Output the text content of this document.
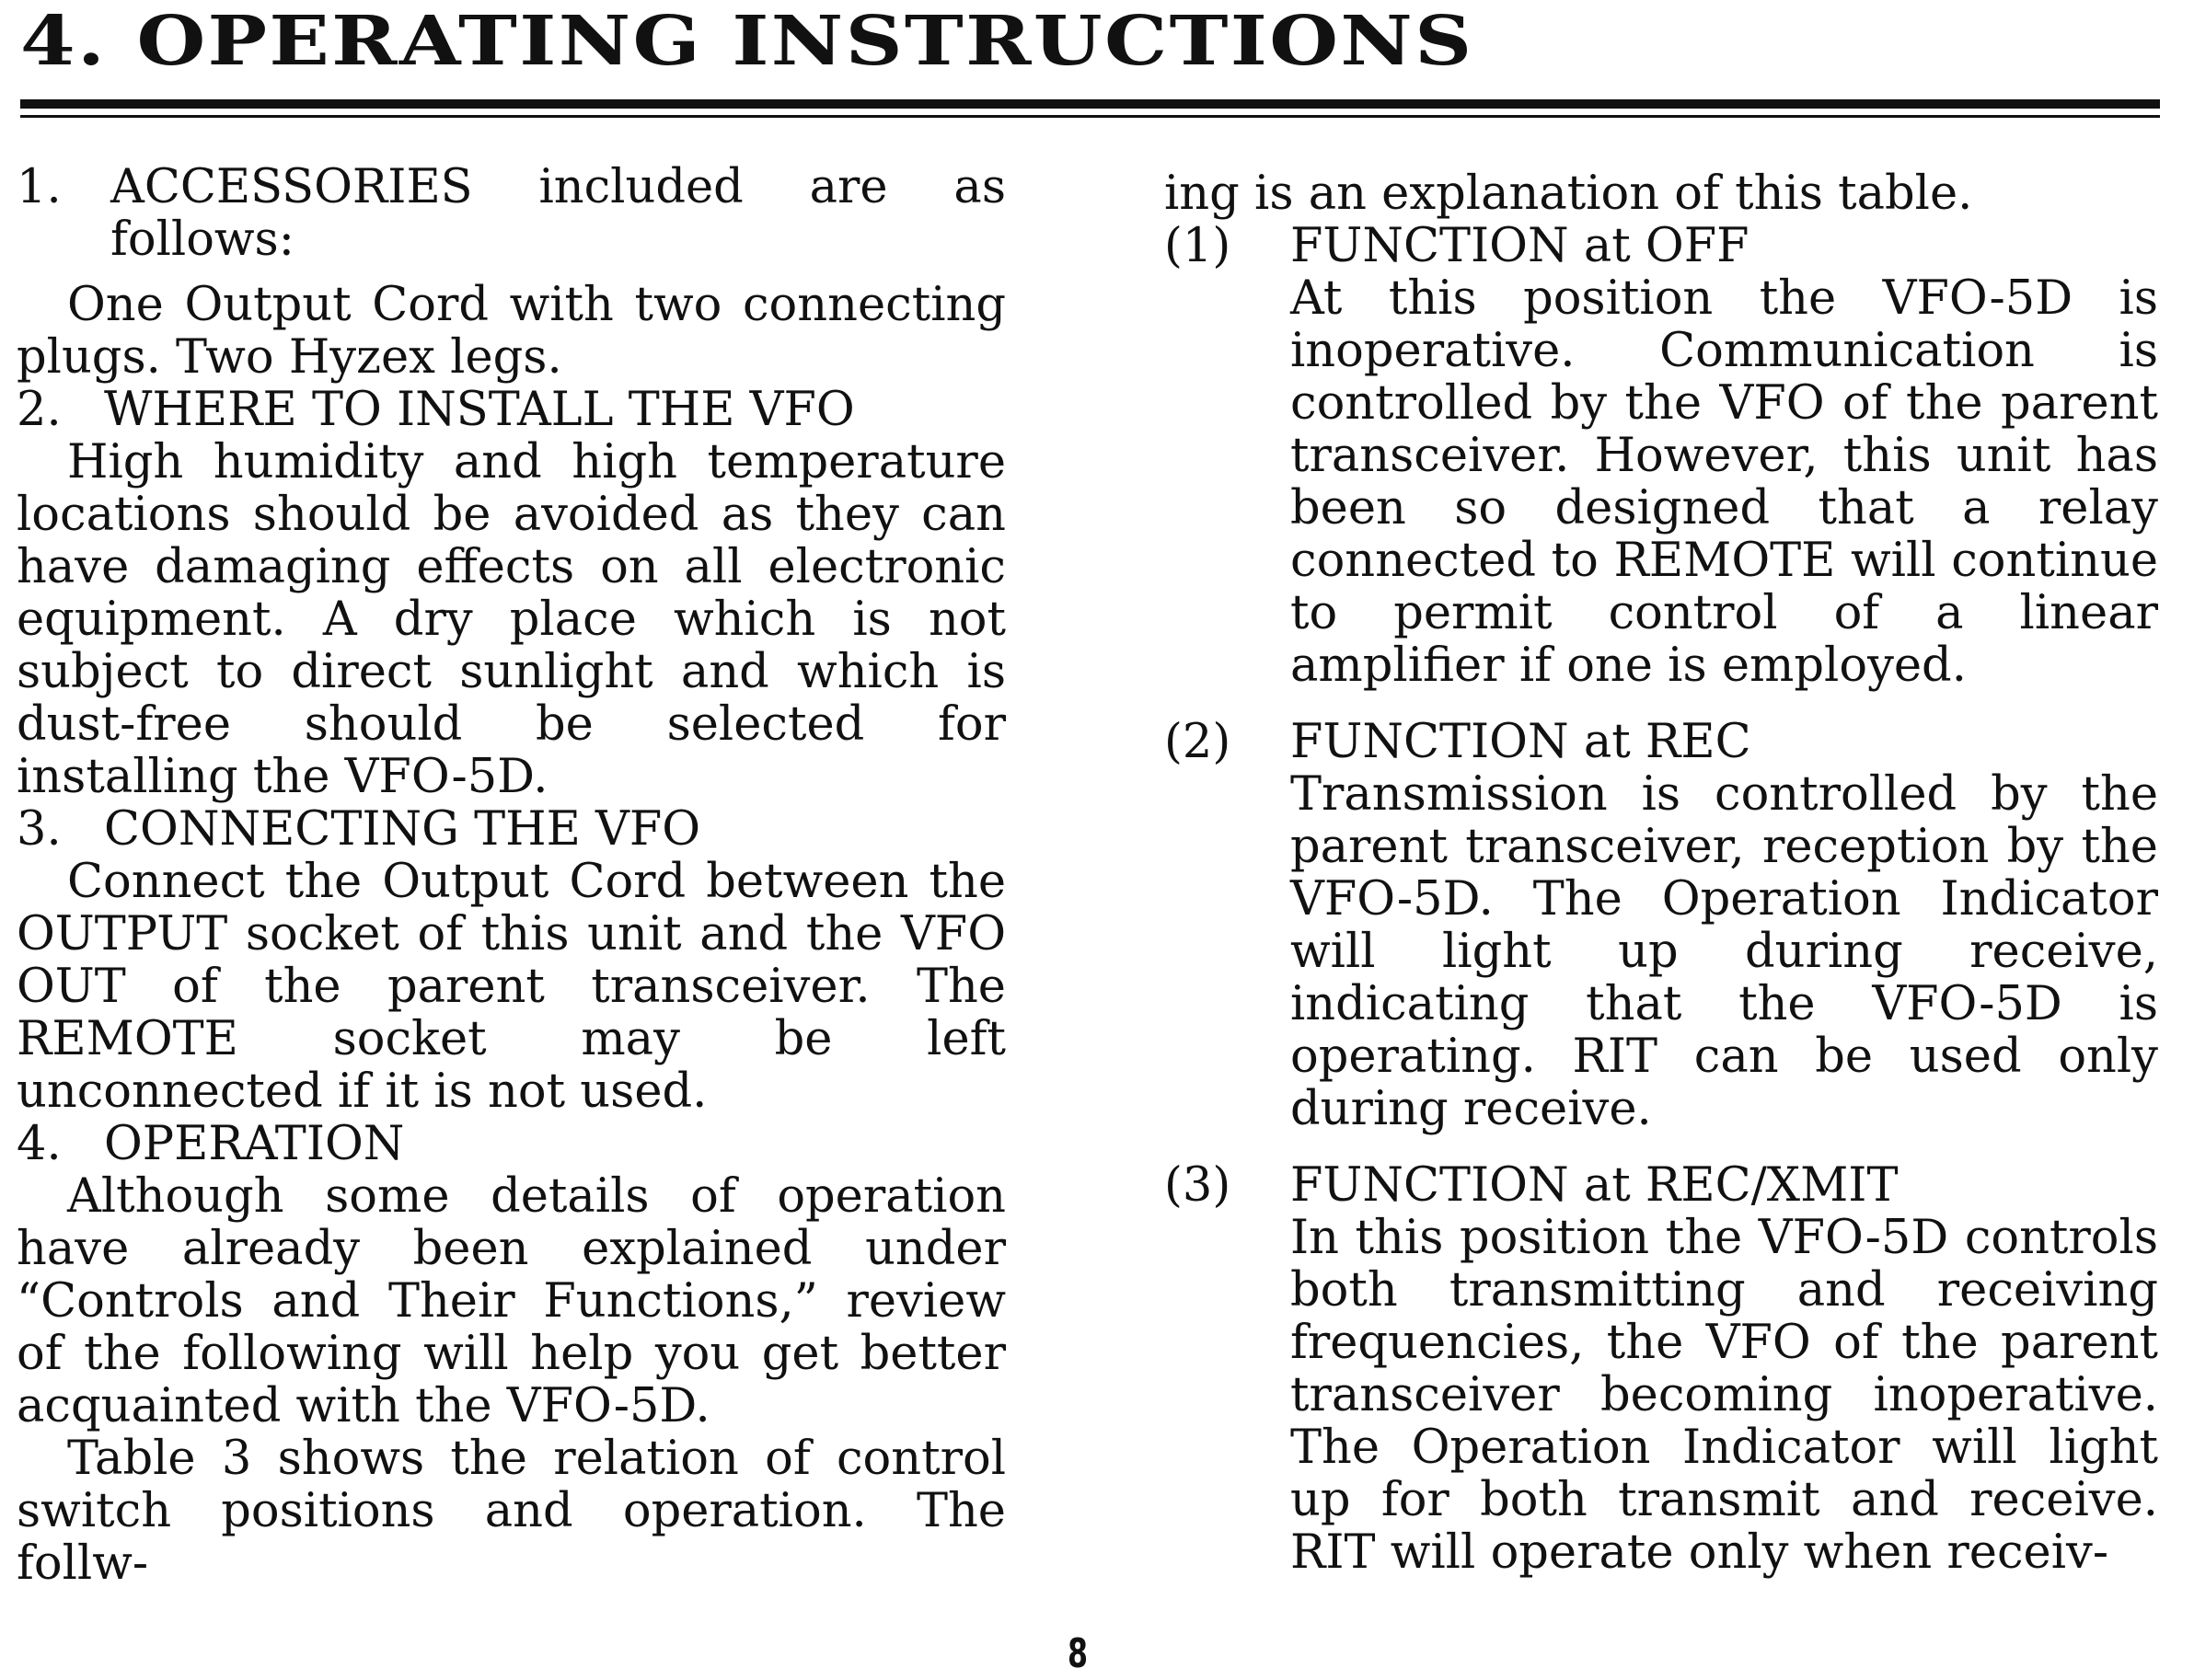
4. OPERATING INSTRUCTIONS

1. ACCESSORIES included are as follows:

One Output Cord with two connecting plugs. Two Hyzex legs.

2. WHERE TO INSTALL THE VFO

High humidity and high temperature locations should be avoided as they can have damaging effects on all electronic equipment. A dry place which is not subject to direct sunlight and which is dust-free should be selected for installing the VFO-5D.

3. CONNECTING THE VFO

Connect the Output Cord between the OUTPUT socket of this unit and the VFO OUT of the parent transceiver. The REMOTE socket may be left unconnected if it is not used.

4. OPERATION

Although some details of operation have already been explained under “Controls and Their Functions,” review of the following will help you get better acquainted with the VFO-5D.

Table 3 shows the relation of control switch positions and operation. The follw-

ing is an explanation of this table.

(1)	FUNCTION at OFF

At this position the VFO-5D is inoperative. Communication is controlled by the VFO of the parent transceiver. However, this unit has been so designed that a relay connected to REMOTE will continue to permit control of a linear amplifier if one is employed.

(2)	FUNCTION at REC

Transmission is controlled by the parent transceiver, reception by the VFO-5D. The Operation Indicator will light up during receive, indicating that the VFO-5D is operating. RIT can be used only during receive.

(3)	FUNCTION at REC/XMIT

In this position the VFO-5D controls both transmitting and receiving frequencies, the VFO of the parent transceiver becoming inoperative. The Operation Indicator will light up for both transmit and receive. RIT will operate only when receiv-

8
